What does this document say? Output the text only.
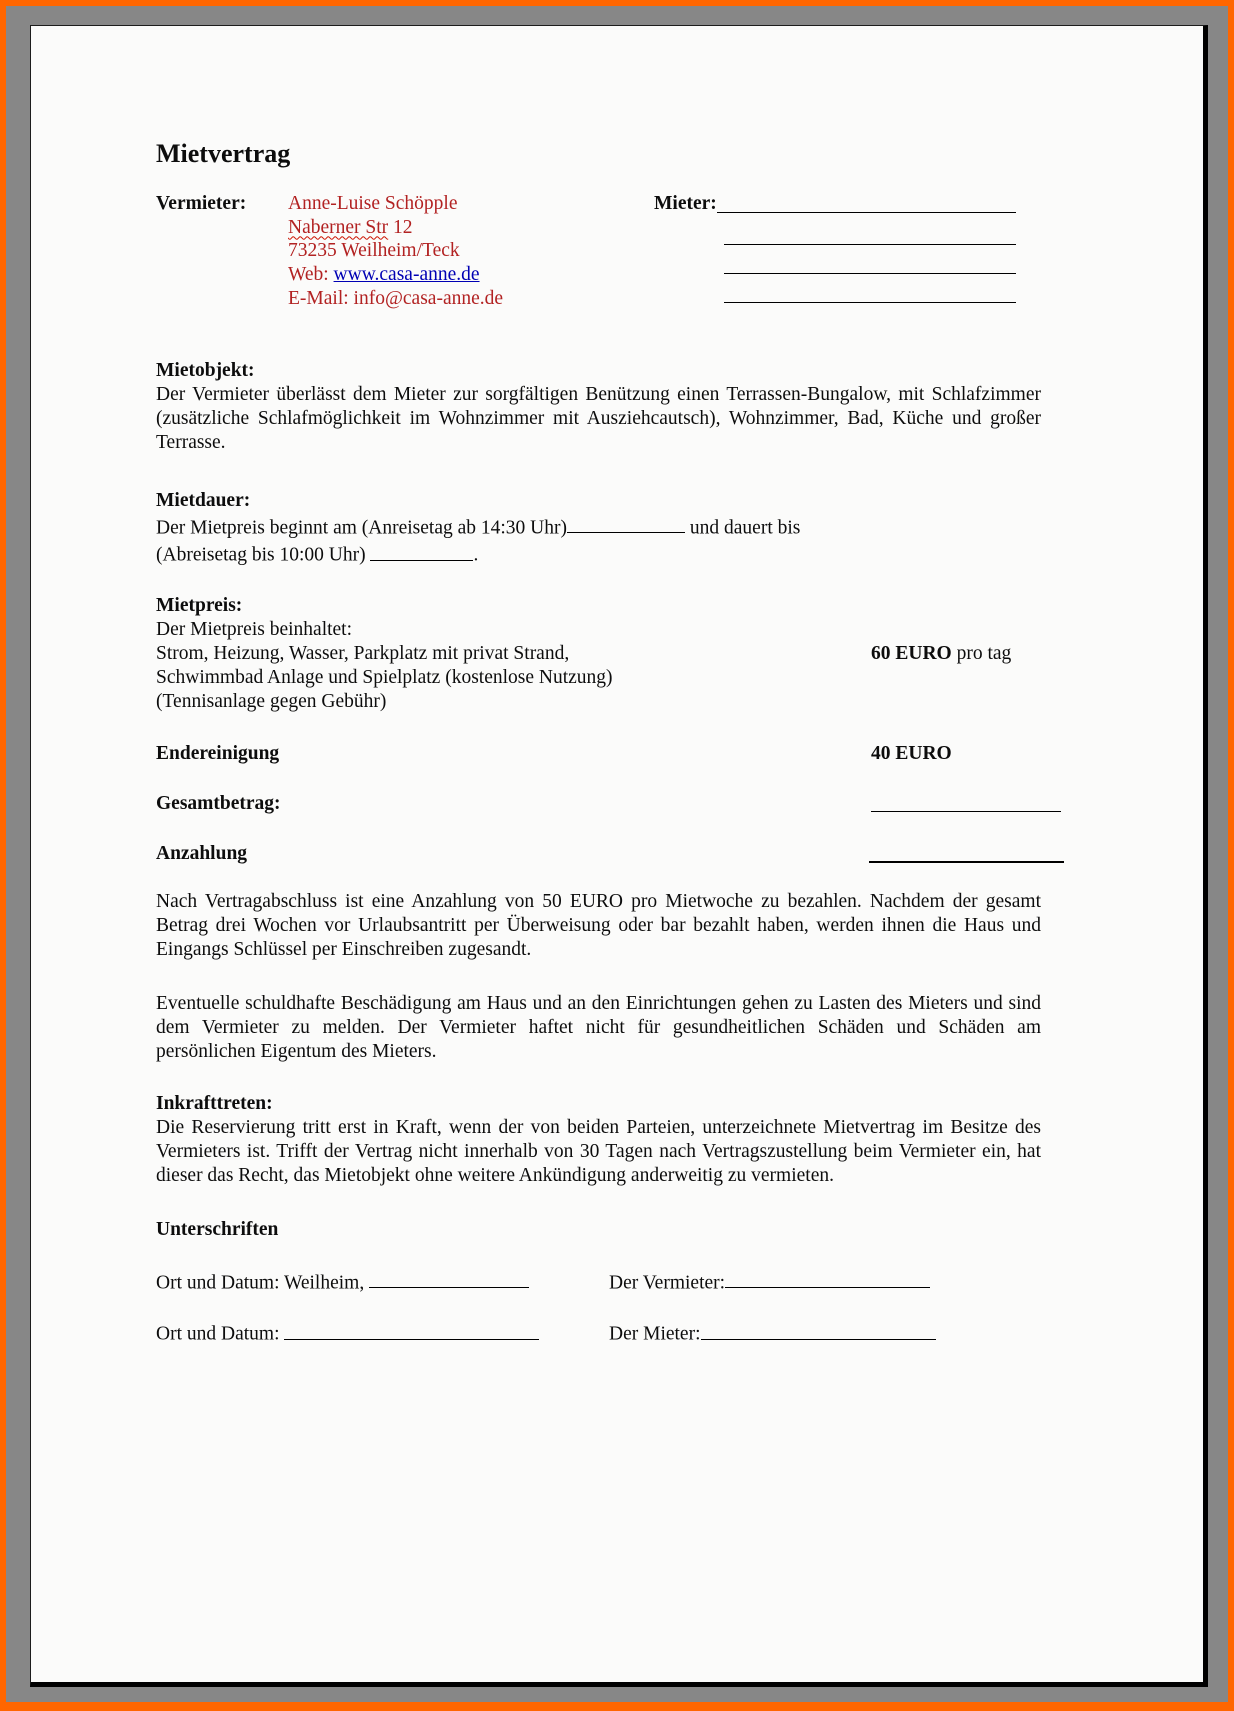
Mietvertrag
Vermieter:	Anne-Luise Schöpple
Naberner Str 12
73235 Weilheim/Teck
Web: www.casa-anne.de
E-Mail: info@casa-anne.de
Mieter:
Mietobjekt:
Der Vermieter überlässt dem Mieter zur sorgfältigen Benützung einen Terrassen-Bungalow, mit Schlafzimmer (zusätzliche Schlafmöglichkeit im Wohnzimmer mit Ausziehcautsch), Wohnzimmer, Bad, Küche und großer Terrasse.
Mietdauer:
Der Mietpreis beginnt am (Anreisetag ab 14:30 Uhr)	und dauert bis
(Abreisetag bis 10:00 Uhr)	.
Mietpreis:
Der Mietpreis beinhaltet:
Strom, Heizung, Wasser, Parkplatz mit privat Strand,
Schwimmbad Anlage und Spielplatz (kostenlose Nutzung)
(Tennisanlage gegen Gebühr)
60 EURO pro tag
Endereinigung	40 EURO
Gesamtbetrag:
Anzahlung
Nach Vertragabschluss ist eine Anzahlung von 50 EURO pro Mietwoche zu bezahlen. Nachdem der gesamt Betrag drei Wochen vor Urlaubsantritt per Überweisung oder bar bezahlt haben, werden ihnen die Haus und Eingangs Schlüssel per Einschreiben zugesandt.
Eventuelle schuldhafte Beschädigung am Haus und an den Einrichtungen gehen zu Lasten des Mieters und sind dem Vermieter zu melden. Der Vermieter haftet nicht für gesundheitlichen Schäden und Schäden am persönlichen Eigentum des Mieters.
Inkrafttreten:
Die Reservierung tritt erst in Kraft, wenn der von beiden Parteien, unterzeichnete Mietvertrag im Besitze des Vermieters ist. Trifft der Vertrag nicht innerhalb von 30 Tagen nach Vertragszustellung beim Vermieter ein, hat dieser das Recht, das Mietobjekt ohne weitere Ankündigung anderweitig zu vermieten.
Unterschriften
Ort und Datum: Weilheim,	Der Vermieter:
Ort und Datum:	Der Mieter:
